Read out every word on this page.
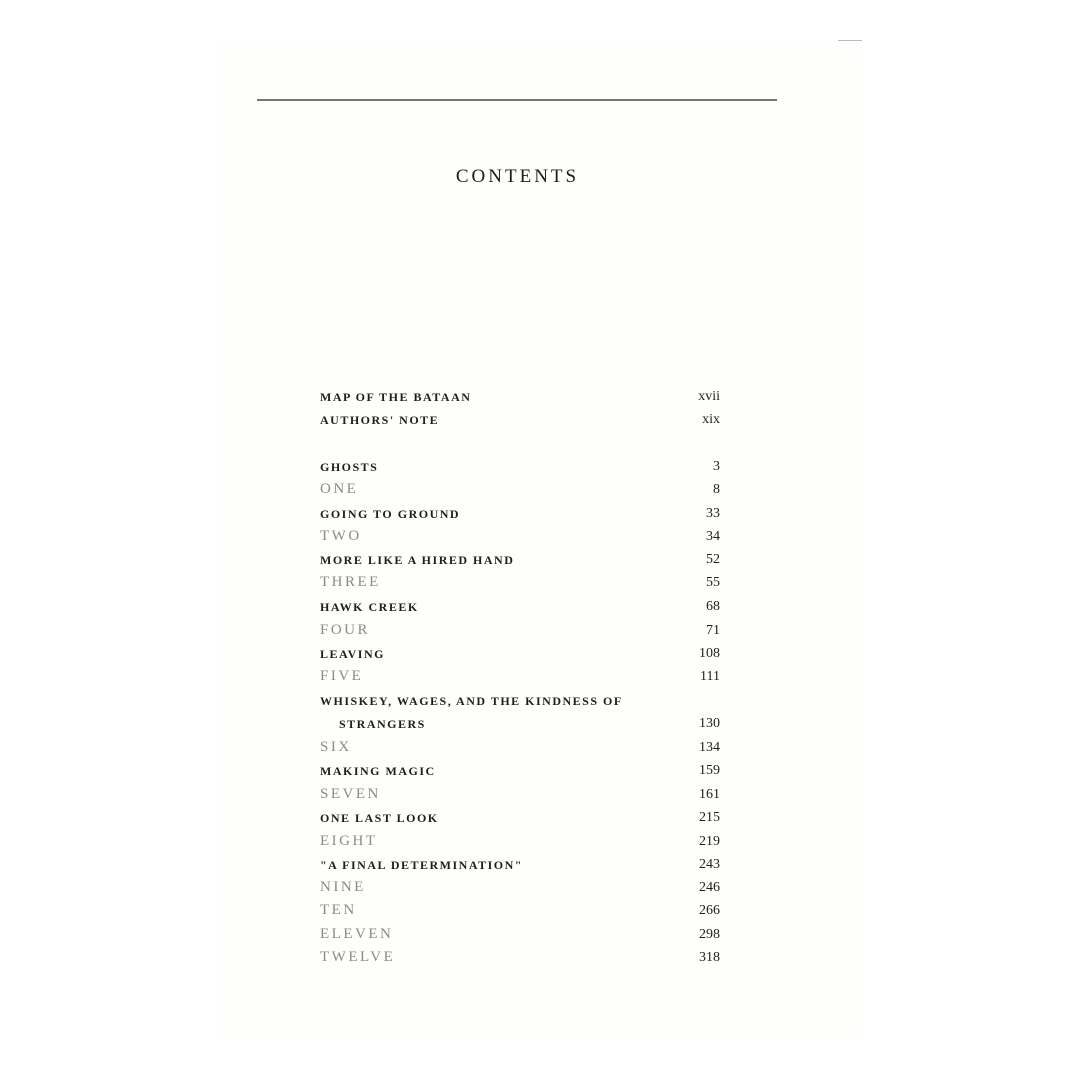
CONTENTS
MAP OF THE BATAAN	xvii
AUTHORS' NOTE	xix
GHOSTS	3
ONE	8
GOING TO GROUND	33
TWO	34
MORE LIKE A HIRED HAND	52
THREE	55
HAWK CREEK	68
FOUR	71
LEAVING	108
FIVE	111
WHISKEY, WAGES, AND THE KINDNESS OF
STRANGERS	130
SIX	134
MAKING MAGIC	159
SEVEN	161
ONE LAST LOOK	215
EIGHT	219
"A FINAL DETERMINATION"	243
NINE	246
TEN	266
ELEVEN	298
TWELVE	318
